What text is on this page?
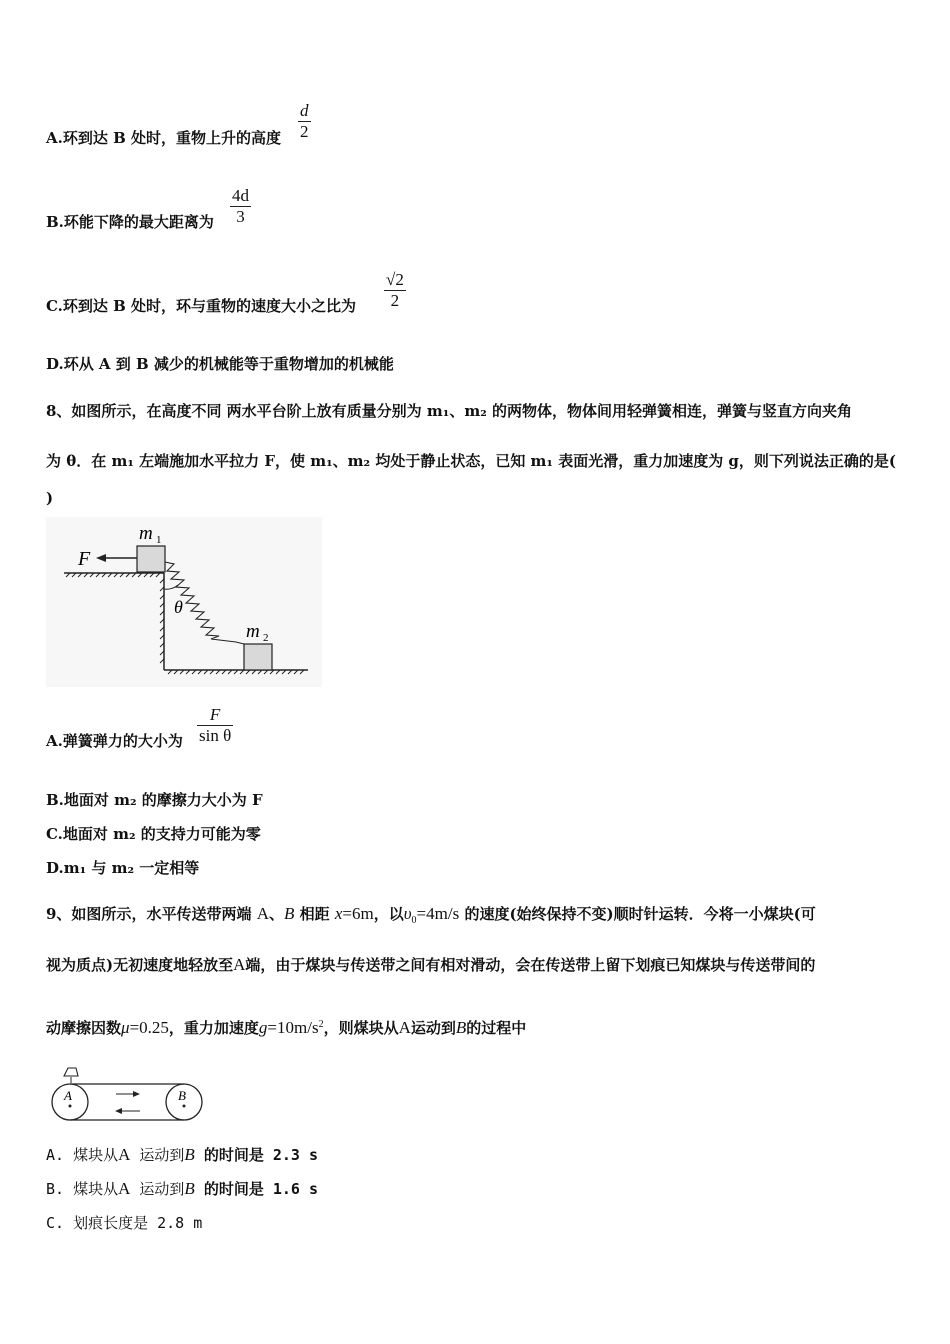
A.环到达 B 处时，重物上升的高度
d
2
B.环能下降的最大距离为
4d
3
C.环到达 B 处时，环与重物的速度大小之比为
√2
2
D.环从 A 到 B 减少的机械能等于重物增加的机械能
8、如图所示，在高度不同 两水平台阶上放有质量分别为 m₁、m₂ 的两物体，物体间用轻弹簧相连，弹簧与竖直方向夹角
为 θ．在 m₁ 左端施加水平拉力 F，使 m₁、m₂ 均处于静止状态，已知 m₁ 表面光滑，重力加速度为 g，则下列说法正确的是(
)
F
m 1
m 2
θ
A.弹簧弹力的大小为
F
sin θ
B.地面对 m₂ 的摩擦力大小为 F
C.地面对 m₂ 的支持力可能为零
D.m₁ 与 m₂ 一定相等
9、如图所示，水平传送带两端 A、B 相距 x=6m，以$\upsilon_0=4m/s$ 的速度(始终保持不变)顺时针运转．今将一小煤块(可
视为质点)无初速度地轻放至A端，由于煤块与传送带之间有相对滑动，会在传送带上留下划痕已知煤块与传送带间的
动摩擦因数μ=0.25，重力加速度$g=10m/s^2$，则煤块从A运动到B的过程中
A	B
A. 煤块从A 运动到B 的时间是 2.3 s
B. 煤块从A 运动到B 的时间是 1.6 s
C. 划痕长度是 2.8 m
